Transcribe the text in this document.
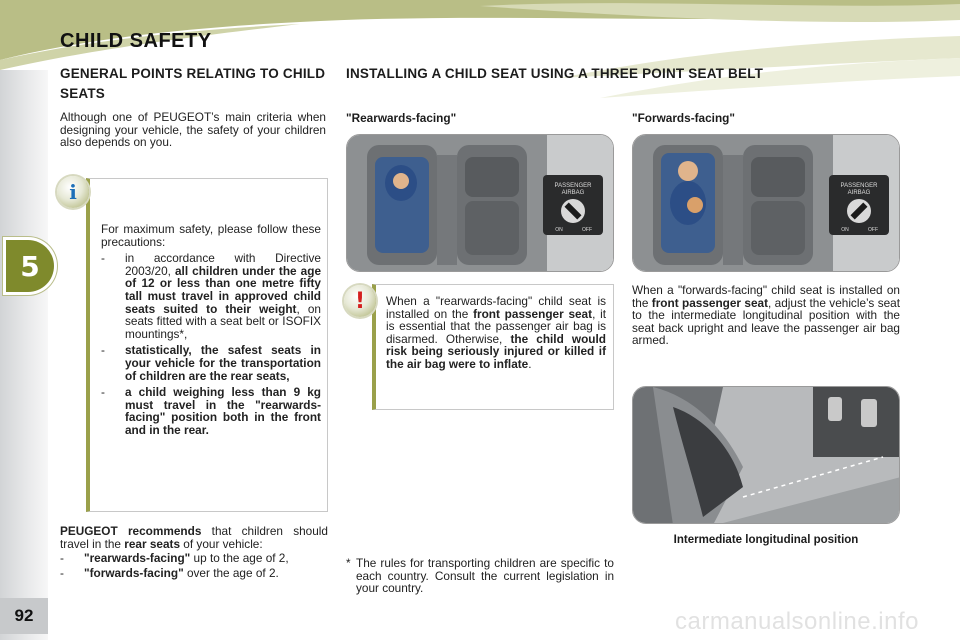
5
CHILD SAFETY
GENERAL POINTS RELATING TO CHILD SEATS
INSTALLING A CHILD SEAT USING A THREE POINT SEAT BELT
Although one of PEUGEOT’s main criteria when designing your vehicle, the safety of your children also depends on you.
i

For maximum safety, please follow these precautions:

-	in accordance with Directive 2003/20, all children under the age of 12 or less than one metre fifty tall must travel in approved child seats suited to their weight, on seats fitted with a seat belt or ISOFIX mountings*,
-	statistically, the safest seats in your vehicle for the transportation of children are the rear seats,
-	a child weighing less than 9 kg must travel in the "rearwards-facing" position both in the front and in the rear.
PEUGEOT recommends that children should travel in the rear seats of your vehicle:
-	"rearwards-facing" up to the age of 2,
-	"forwards-facing" over the age of 2.
"Rearwards-facing"	"Forwards-facing"
PASSENGER
AIRBAG
ON	OFF
PASSENGER
AIRBAG
ON	OFF
! When a "rearwards-facing" child seat is installed on the front passenger seat, it is essential that the passenger air bag is disarmed. Otherwise, the child would risk being seriously injured or killed if the air bag were to inflate.
When a "forwards-facing" child seat is installed on the front passenger seat, adjust the vehicle’s seat to the intermediate longitudinal position with the seat back upright and leave the passenger air bag armed.
Intermediate longitudinal position
* The rules for transporting children are specific to each country. Consult the current legislation in your country.
92	carmanualsonline.info
